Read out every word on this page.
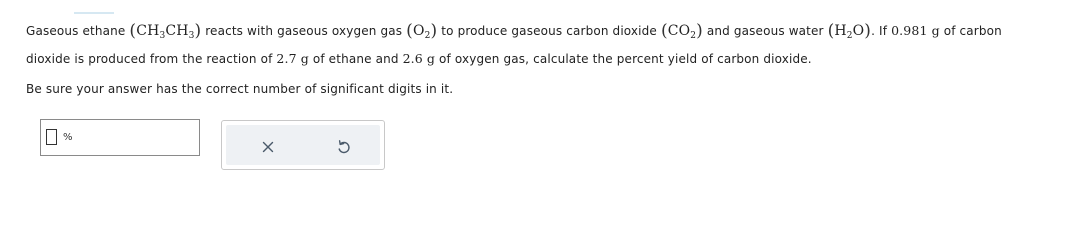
Gaseous ethane $(CH_3CH_3)$ reacts with gaseous oxygen gas $(O_2)$ to produce gaseous carbon dioxide $(CO_2)$ and gaseous water $(H_2O)$. If 0.981 g of carbon
dioxide is produced from the reaction of 2.7 g of ethane and 2.6 g of oxygen gas, calculate the percent yield of carbon dioxide.
Be sure your answer has the correct number of significant digits in it.
%
